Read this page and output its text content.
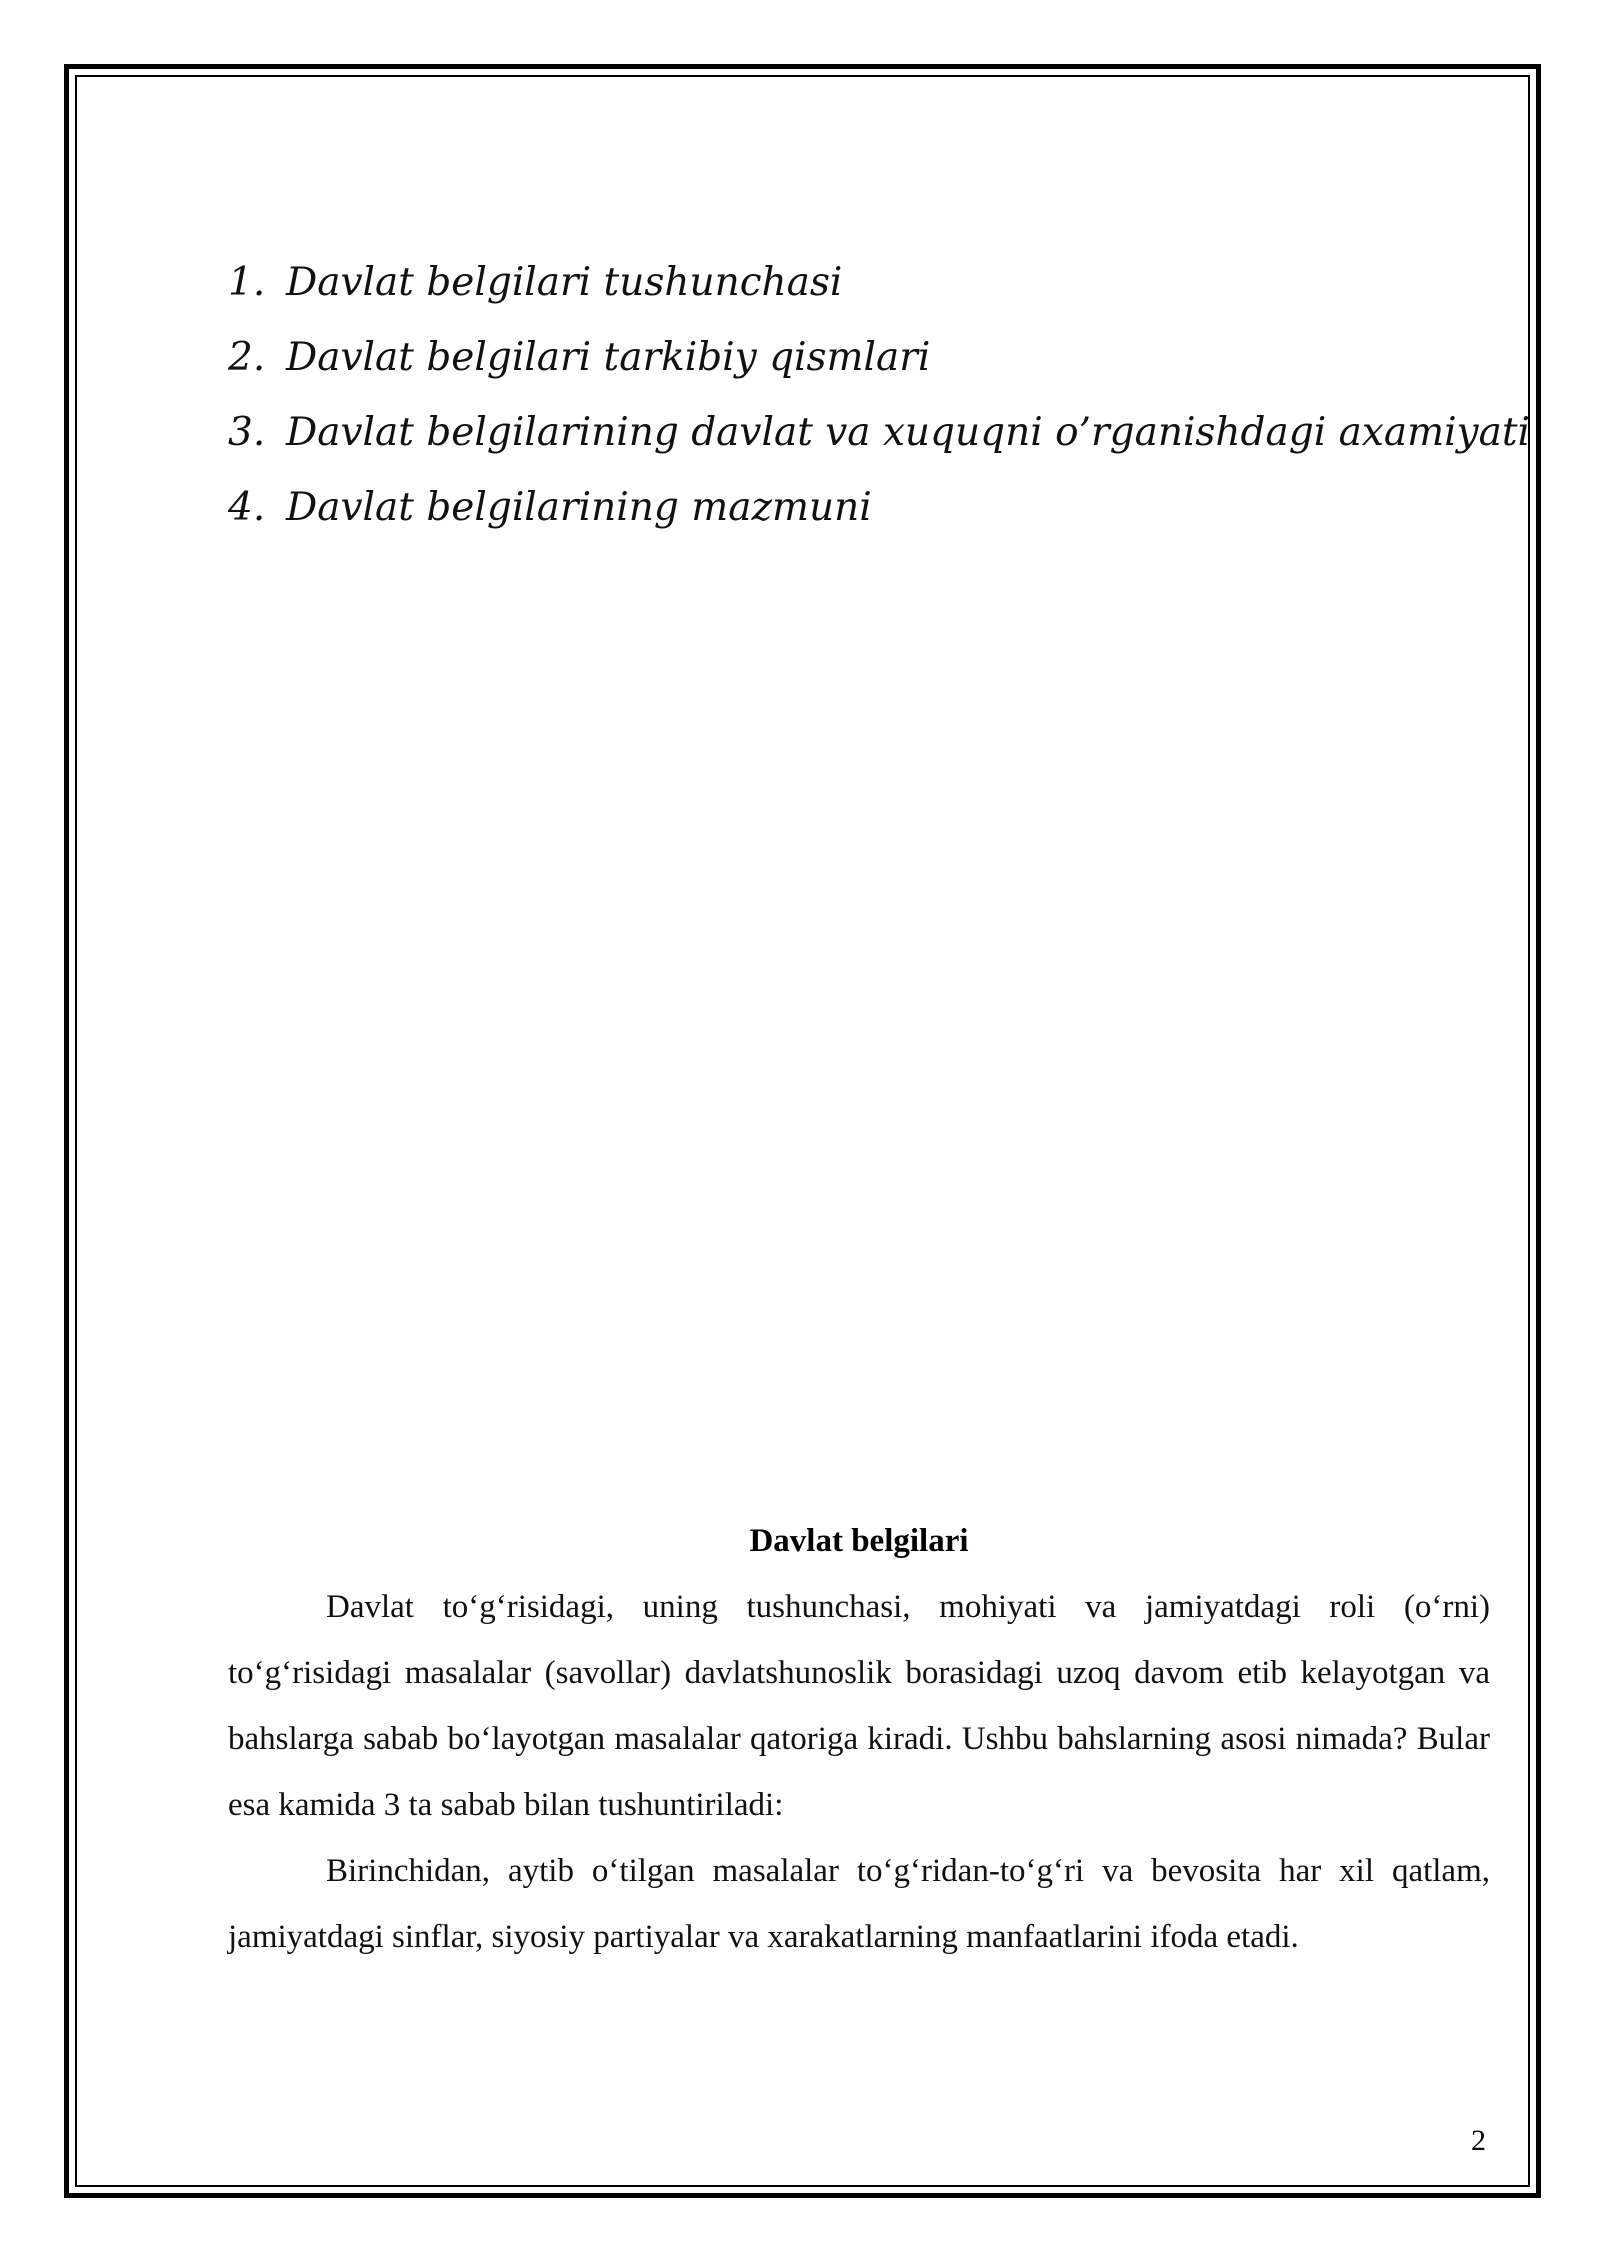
1. Davlat belgilari tushunchasi
2. Davlat belgilari tarkibiy qismlari
3. Davlat belgilarining davlat va xuquqni o’rganishdagi axamiyati
4. Davlat belgilarining mazmuni
Davlat belgilari

Davlat to‘g‘risidagi, uning tushunchasi, mohiyati va jamiyatdagi roli (o‘rni) to‘g‘risidagi masalalar (savollar) davlatshunoslik borasidagi uzoq davom etib kelayotgan va bahslarga sabab bo‘layotgan masalalar qatoriga kiradi. Ushbu bahslarning asosi nimada? Bular esa kamida 3 ta sabab bilan tushuntiriladi:

Birinchidan, aytib o‘tilgan masalalar to‘g‘ridan-to‘g‘ri va bevosita har xil qatlam, jamiyatdagi sinflar, siyosiy partiyalar va xarakatlarning manfaatlarini ifoda etadi.

2
